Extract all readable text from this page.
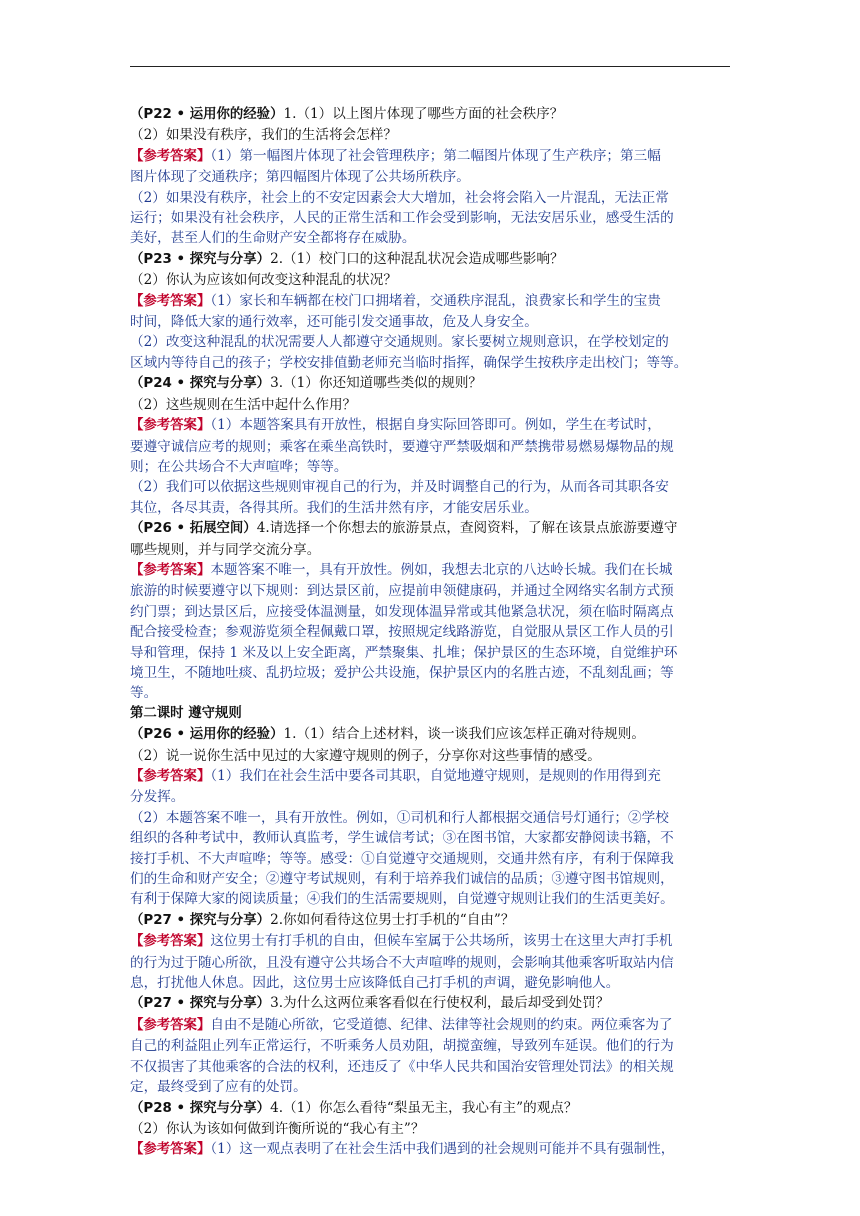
（P22 • 运用你的经验）1.（1）以上图片体现了哪些方面的社会秩序？
（2）如果没有秩序，我们的生活将会怎样？
【参考答案】（1）第一幅图片体现了社会管理秩序；第二幅图片体现了生产秩序；第三幅
图片体现了交通秩序；第四幅图片体现了公共场所秩序。
（2）如果没有秩序，社会上的不安定因素会大大增加，社会将会陷入一片混乱，无法正常
运行；如果没有社会秩序，人民的正常生活和工作会受到影响，无法安居乐业，感受生活的
美好，甚至人们的生命财产安全都将存在威胁。
（P23 • 探究与分享）2.（1）校门口的这种混乱状况会造成哪些影响？
（2）你认为应该如何改变这种混乱的状况？
【参考答案】（1）家长和车辆都在校门口拥堵着，交通秩序混乱，浪费家长和学生的宝贵
时间，降低大家的通行效率，还可能引发交通事故，危及人身安全。
（2）改变这种混乱的状况需要人人都遵守交通规则。家长要树立规则意识，在学校划定的
区域内等待自己的孩子；学校安排值勤老师充当临时指挥，确保学生按秩序走出校门；等等。
（P24 • 探究与分享）3.（1）你还知道哪些类似的规则？
（2）这些规则在生活中起什么作用？
【参考答案】（1）本题答案具有开放性，根据自身实际回答即可。例如，学生在考试时，
要遵守诚信应考的规则；乘客在乘坐高铁时，要遵守严禁吸烟和严禁携带易燃易爆物品的规
则；在公共场合不大声喧哗；等等。
（2）我们可以依据这些规则审视自己的行为，并及时调整自己的行为，从而各司其职各安
其位，各尽其责，各得其所。我们的生活井然有序，才能安居乐业。
（P26 • 拓展空间）4.请选择一个你想去的旅游景点，查阅资料，了解在该景点旅游要遵守
哪些规则，并与同学交流分享。
【参考答案】本题答案不唯一，具有开放性。例如，我想去北京的八达岭长城。我们在长城
旅游的时候要遵守以下规则：到达景区前，应提前申领健康码，并通过全网络实名制方式预
约门票；到达景区后，应接受体温测量，如发现体温异常或其他紧急状况，须在临时隔离点
配合接受检查；参观游览须全程佩戴口罩，按照规定线路游览，自觉服从景区工作人员的引
导和管理，保持 1 米及以上安全距离，严禁聚集、扎堆；保护景区的生态环境，自觉维护环
境卫生，不随地吐痰、乱扔垃圾；爱护公共设施，保护景区内的名胜古迹，不乱刻乱画；等
等。
第二课时 遵守规则
（P26 • 运用你的经验）1.（1）结合上述材料，谈一谈我们应该怎样正确对待规则。
（2）说一说你生活中见过的大家遵守规则的例子，分享你对这些事情的感受。
【参考答案】（1）我们在社会生活中要各司其职，自觉地遵守规则，是规则的作用得到充
分发挥。
（2）本题答案不唯一，具有开放性。例如，①司机和行人都根据交通信号灯通行；②学校
组织的各种考试中，教师认真监考，学生诚信考试；③在图书馆，大家都安静阅读书籍，不
接打手机、不大声喧哗；等等。感受：①自觉遵守交通规则，交通井然有序，有利于保障我
们的生命和财产安全；②遵守考试规则，有利于培养我们诚信的品质；③遵守图书馆规则，
有利于保障大家的阅读质量；④我们的生活需要规则，自觉遵守规则让我们的生活更美好。
（P27 • 探究与分享）2.你如何看待这位男士打手机的“自由”？
【参考答案】这位男士有打手机的自由，但候车室属于公共场所，该男士在这里大声打手机
的行为过于随心所欲，且没有遵守公共场合不大声喧哗的规则，会影响其他乘客听取站内信
息，打扰他人休息。因此，这位男士应该降低自己打手机的声调，避免影响他人。
（P27 • 探究与分享）3.为什么这两位乘客看似在行使权利，最后却受到处罚？
【参考答案】自由不是随心所欲，它受道德、纪律、法律等社会规则的约束。两位乘客为了
自己的利益阻止列车正常运行，不听乘务人员劝阻，胡搅蛮缠，导致列车延误。他们的行为
不仅损害了其他乘客的合法的权利，还违反了《中华人民共和国治安管理处罚法》的相关规
定，最终受到了应有的处罚。
（P28 • 探究与分享）4.（1）你怎么看待“梨虽无主，我心有主”的观点？
（2）你认为该如何做到许衡所说的“我心有主”？
【参考答案】（1）这一观点表明了在社会生活中我们遇到的社会规则可能并不具有强制性，
